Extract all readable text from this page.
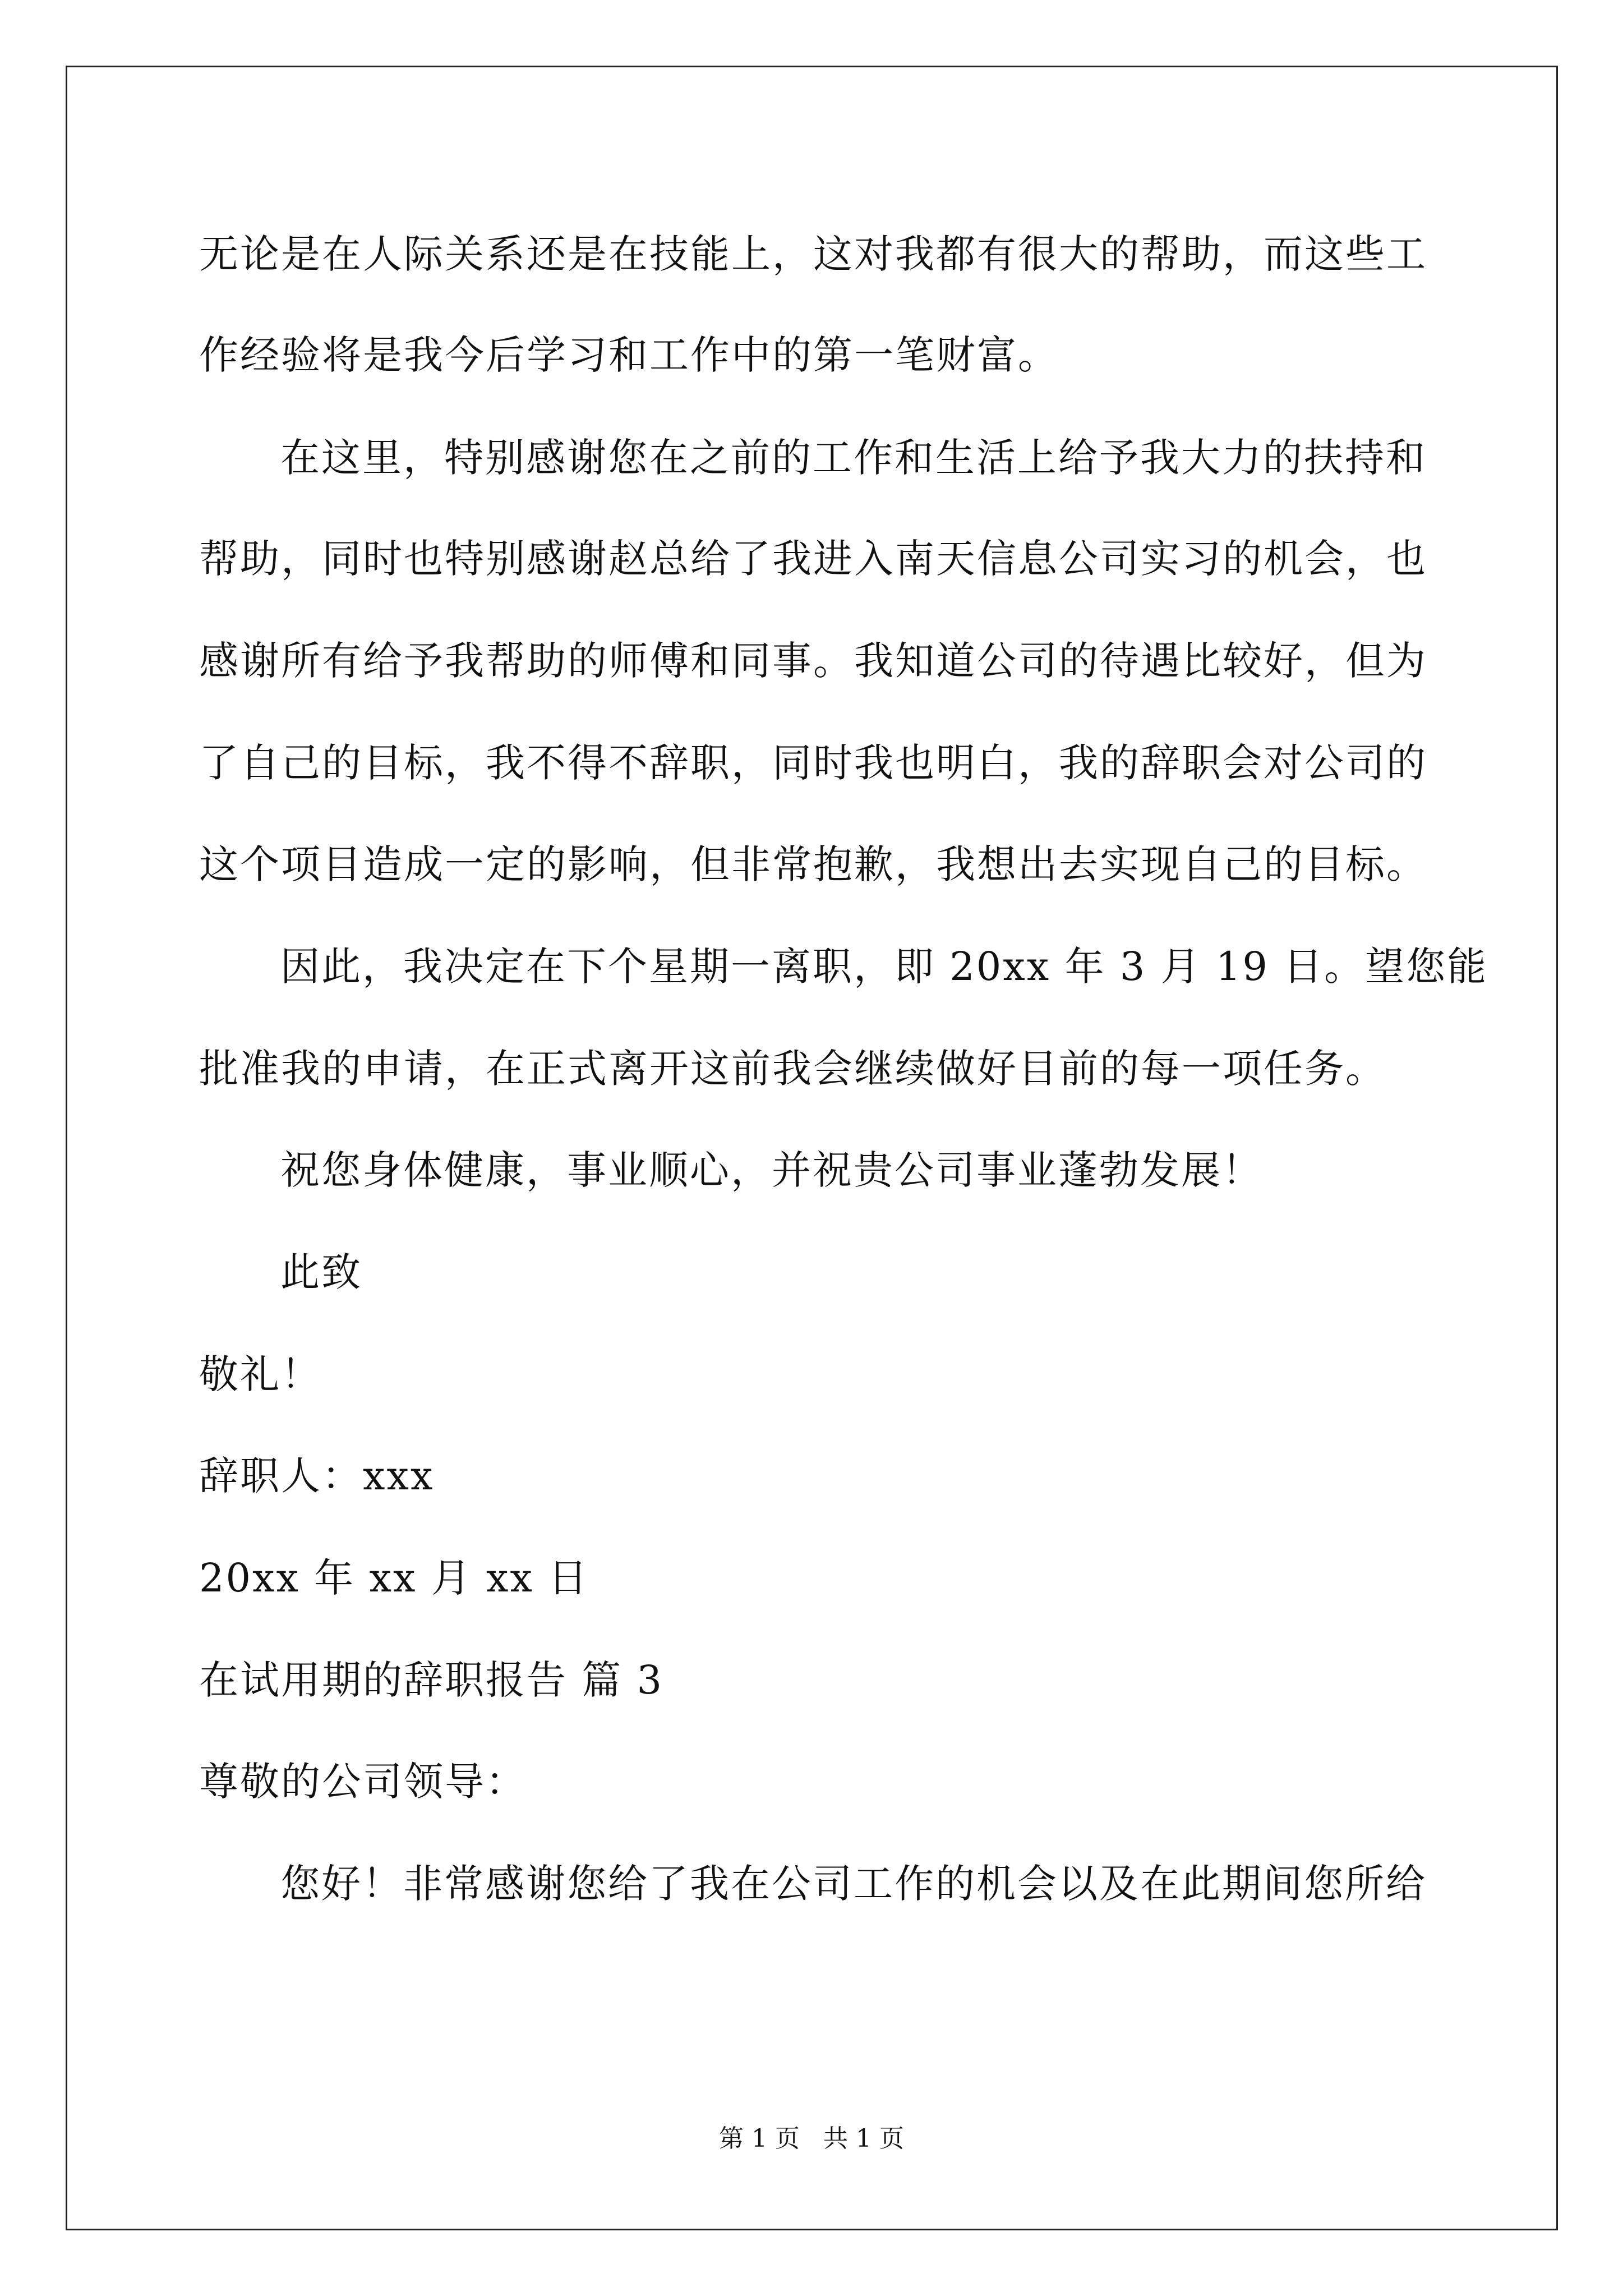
无论是在人际关系还是在技能上，这对我都有很大的帮助，而这些工
作经验将是我今后学习和工作中的第一笔财富。
在这里，特别感谢您在之前的工作和生活上给予我大力的扶持和
帮助，同时也特别感谢赵总给了我进入南天信息公司实习的机会，也
感谢所有给予我帮助的师傅和同事。我知道公司的待遇比较好，但为
了自己的目标，我不得不辞职，同时我也明白，我的辞职会对公司的
这个项目造成一定的影响，但非常抱歉，我想出去实现自己的目标。
因此，我决定在下个星期一离职，即 20xx 年 3 月 19 日。望您能
批准我的申请，在正式离开这前我会继续做好目前的每一项任务。
祝您身体健康，事业顺心，并祝贵公司事业蓬勃发展！
此致
敬礼！
辞职人：xxx
20xx 年 xx 月 xx 日
在试用期的辞职报告 篇 3
尊敬的公司领导：
您好！非常感谢您给了我在公司工作的机会以及在此期间您所给
第 1 页   共 1 页
